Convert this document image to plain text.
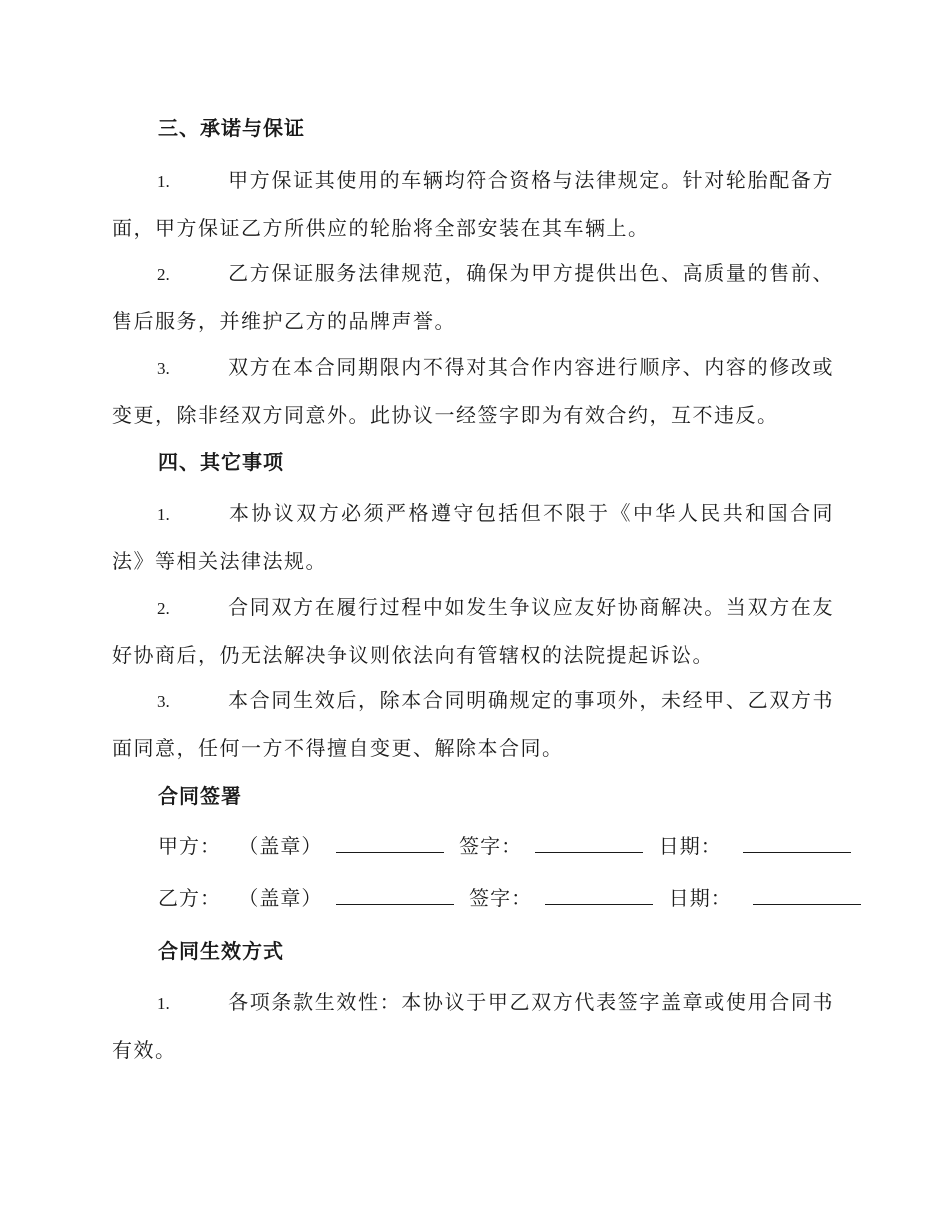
三、承诺与保证

1.	甲方保证其使用的车辆均符合资格与法律规定。针对轮胎配备方面，甲方保证乙方所供应的轮胎将全部安装在其车辆上。

2.	乙方保证服务法律规范，确保为甲方提供出色、高质量的售前、售后服务，并维护乙方的品牌声誉。

3.	双方在本合同期限内不得对其合作内容进行顺序、内容的修改或变更，除非经双方同意外。此协议一经签字即为有效合约，互不违反。

四、其它事项

1.	本协议双方必须严格遵守包括但不限于《中华人民共和国合同法》等相关法律法规。

2.	合同双方在履行过程中如发生争议应友好协商解决。当双方在友好协商后，仍无法解决争议则依法向有管辖权的法院提起诉讼。

3.	本合同生效后，除本合同明确规定的事项外，未经甲、乙双方书面同意，任何一方不得擅自变更、解除本合同。

合同签署
甲方： （盖章）	签字：	日期：
乙方： （盖章）	签字：	日期：
合同生效方式

1.	各项条款生效性：本协议于甲乙双方代表签字盖章或使用合同书有效。
